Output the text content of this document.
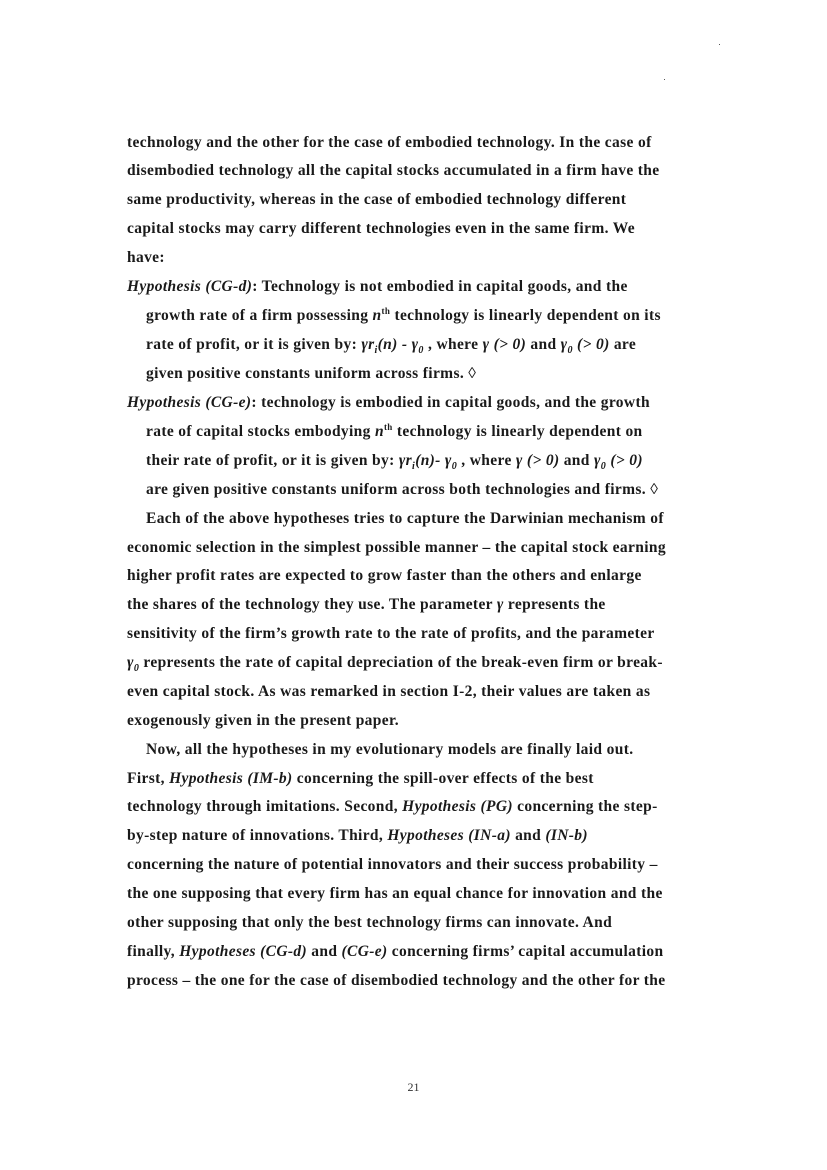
technology and the other for the case of embodied technology. In the case of
disembodied technology all the capital stocks accumulated in a firm have the
same productivity, whereas in the case of embodied technology different
capital stocks may carry different technologies even in the same firm. We
have:
Hypothesis (CG-d): Technology is not embodied in capital goods, and the
growth rate of a firm possessing $n^{th}$ technology is linearly dependent on its
rate of profit, or it is given by: $\gamma r_i(n) - \gamma_0$ , where γ (> 0) and $\gamma_0$ (> 0) are
given positive constants uniform across firms. ◊
Hypothesis (CG-e): technology is embodied in capital goods, and the growth
rate of capital stocks embodying $n^{th}$ technology is linearly dependent on
their rate of profit, or it is given by: $\gamma r_i(n)-$ $\gamma_0$ , where γ (> 0) and $\gamma_0$ (> 0)
are given positive constants uniform across both technologies and firms. ◊
Each of the above hypotheses tries to capture the Darwinian mechanism of
economic selection in the simplest possible manner – the capital stock earning
higher profit rates are expected to grow faster than the others and enlarge
the shares of the technology they use. The parameter γ represents the
sensitivity of the firm’s growth rate to the rate of profits, and the parameter
$\gamma_0$ represents the rate of capital depreciation of the break-even firm or break-
even capital stock. As was remarked in section I-2, their values are taken as
exogenously given in the present paper.
Now, all the hypotheses in my evolutionary models are finally laid out.
First, Hypothesis (IM-b) concerning the spill-over effects of the best
technology through imitations. Second, Hypothesis (PG) concerning the step-
by-step nature of innovations. Third, Hypotheses (IN-a) and (IN-b)
concerning the nature of potential innovators and their success probability –
the one supposing that every firm has an equal chance for innovation and the
other supposing that only the best technology firms can innovate. And
finally, Hypotheses (CG-d) and (CG-e) concerning firms’ capital accumulation
process – the one for the case of disembodied technology and the other for the
21
